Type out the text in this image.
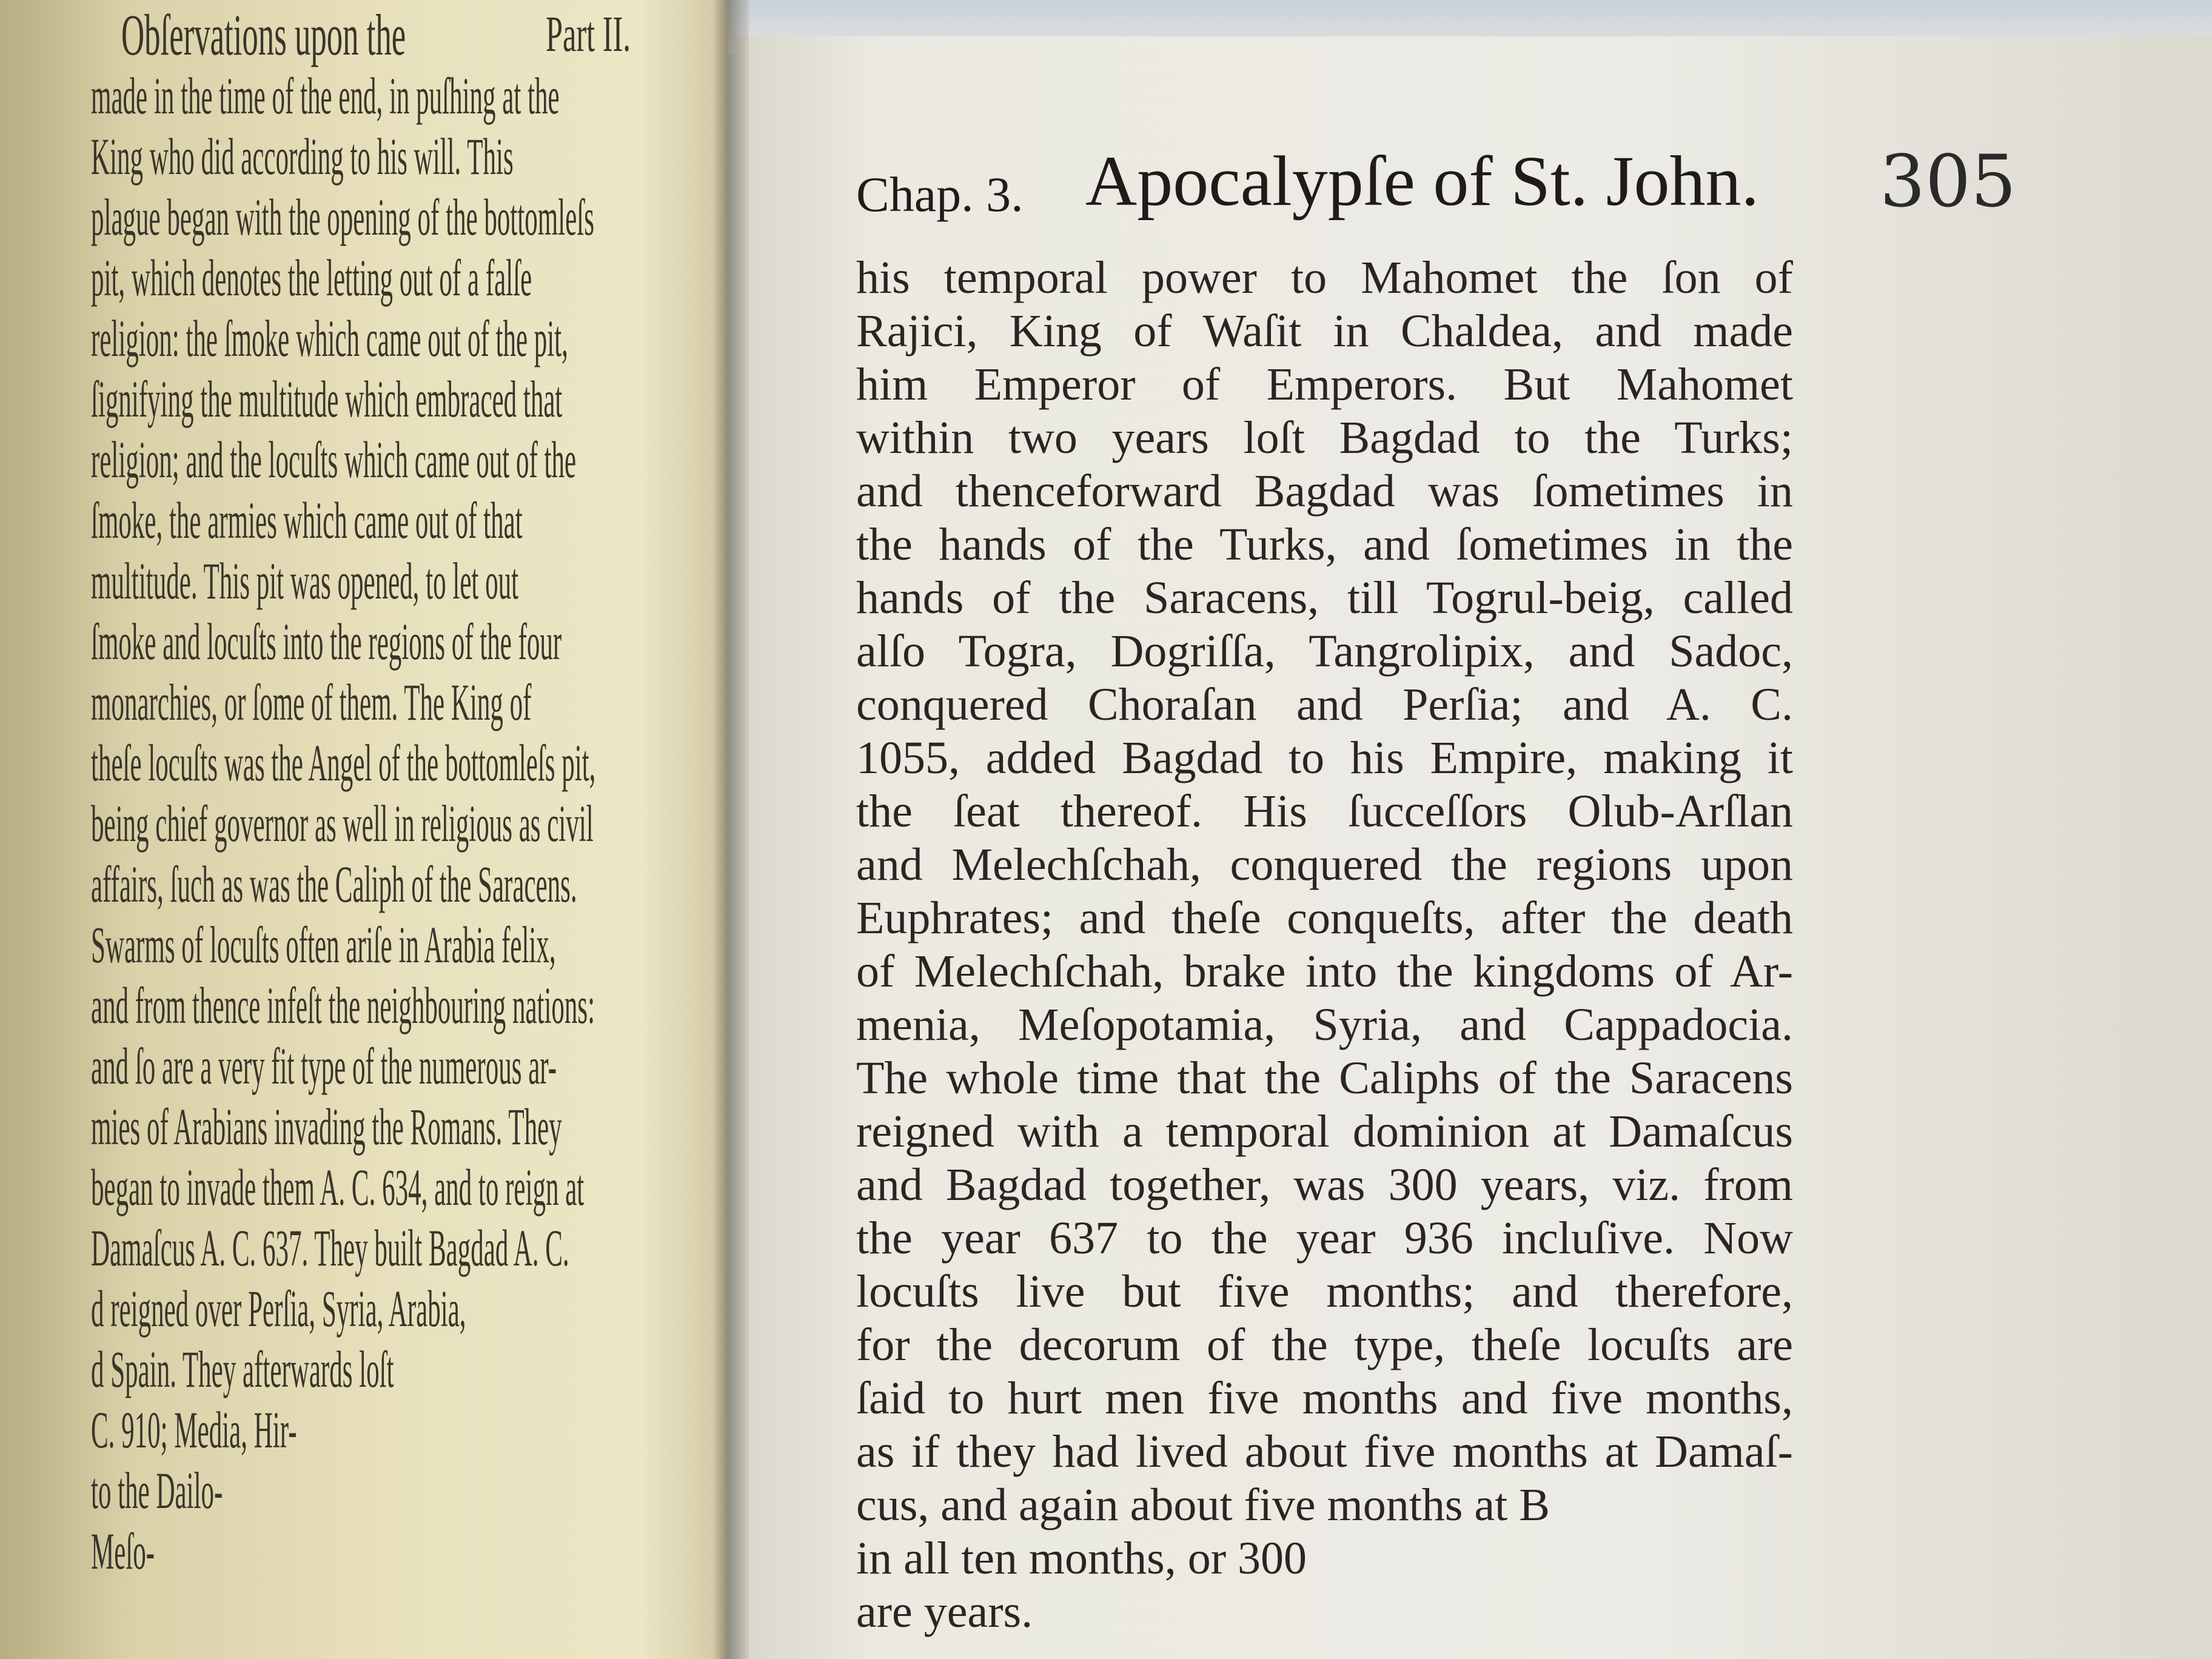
Obſervations upon the	Part II.
made in the time of the end, in puſhing at the
King who did according to his will. This
plague began with the opening of the bottomleſs
pit, which denotes the letting out of a falſe
religion: the ſmoke which came out of the pit,
ſignifying the multitude which embraced that
religion; and the locuſts which came out of the
ſmoke, the armies which came out of that
multitude. This pit was opened, to let out
ſmoke and locuſts into the regions of the four
monarchies, or ſome of them. The King of
theſe locuſts was the Angel of the bottomleſs pit,
being chief governor as well in religious as civil
affairs, ſuch as was the Caliph of the Saracens.
Swarms of locuſts often ariſe in Arabia felix,
and from thence infeſt the neighbouring nations:
and ſo are a very fit type of the numerous ar-
mies of Arabians invading the Romans. They
began to invade them A. C. 634, and to reign at
Damaſcus A. C. 637. They built Bagdad A. C.
d reigned over Perſia, Syria, Arabia,
d Spain. They afterwards loſt
C. 910; Media, Hir-
to the Dailo-
Meſo-
Chap. 3. Apocalypſe of St. John. 305
his temporal power to Mahomet the ſon of
Rajici, King of Waſit in Chaldea, and made
him Emperor of Emperors. But Mahomet
within two years loſt Bagdad to the Turks;
and thenceforward Bagdad was ſometimes in
the hands of the Turks, and ſometimes in the
hands of the Saracens, till Togrul-beig, called
alſo Togra, Dogriſſa, Tangrolipix, and Sadoc,
conquered Choraſan and Perſia; and A. C.
1055, added Bagdad to his Empire, making it
the ſeat thereof. His ſucceſſors Olub-Arſlan
and Melechſchah, conquered the regions upon
Euphrates; and theſe conqueſts, after the death
of Melechſchah, brake into the kingdoms of Ar-
menia, Meſopotamia, Syria, and Cappadocia.
The whole time that the Caliphs of the Saracens
reigned with a temporal dominion at Damaſcus
and Bagdad together, was 300 years, viz. from
the year 637 to the year 936 incluſive. Now
locuſts live but five months; and therefore,
for the decorum of the type, theſe locuſts are
ſaid to hurt men five months and five months,
as if they had lived about five months at Damaſ-
cus, and again about five months at B
in all ten months, or 300
are years.
